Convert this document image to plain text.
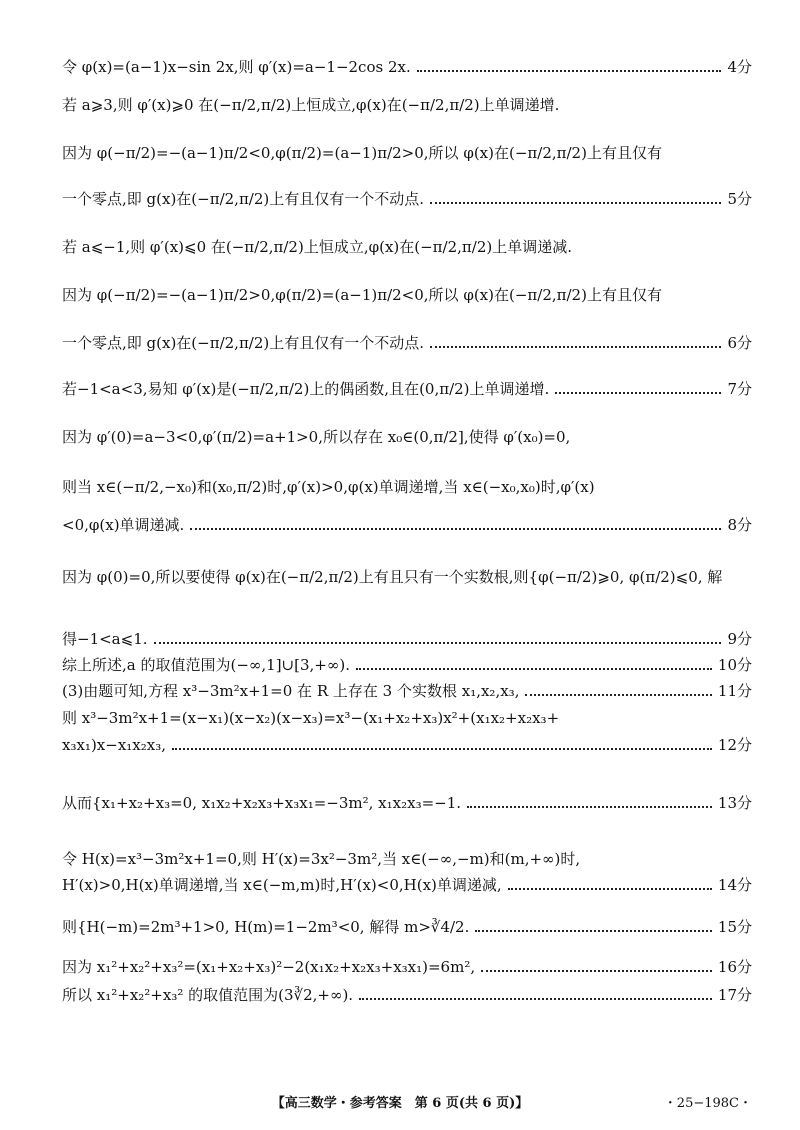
令 φ(x)=(a−1)x−sin 2x,则 φ′(x)=a−1−2cos 2x.	4分
若 a⩾3,则 φ′(x)⩾0 在(−π/2,π/2)上恒成立,φ(x)在(−π/2,π/2)上单调递增.
因为 φ(−π/2)=−(a−1)π/2<0,φ(π/2)=(a−1)π/2>0,所以 φ(x)在(−π/2,π/2)上有且仅有
一个零点,即 g(x)在(−π/2,π/2)上有且仅有一个不动点.	5分
若 a⩽−1,则 φ′(x)⩽0 在(−π/2,π/2)上恒成立,φ(x)在(−π/2,π/2)上单调递减.
因为 φ(−π/2)=−(a−1)π/2>0,φ(π/2)=(a−1)π/2<0,所以 φ(x)在(−π/2,π/2)上有且仅有
一个零点,即 g(x)在(−π/2,π/2)上有且仅有一个不动点.	6分
若−1<a<3,易知 φ′(x)是(−π/2,π/2)上的偶函数,且在(0,π/2)上单调递增.	7分
因为 φ′(0)=a−3<0,φ′(π/2)=a+1>0,所以存在 x₀∈(0,π/2],使得 φ′(x₀)=0,
则当 x∈(−π/2,−x₀)和(x₀,π/2)时,φ′(x)>0,φ(x)单调递增,当 x∈(−x₀,x₀)时,φ′(x)
<0,φ(x)单调递减.	8分
因为 φ(0)=0,所以要使得 φ(x)在(−π/2,π/2)上有且只有一个实数根,则{φ(−π/2)⩾0, φ(π/2)⩽0, 解
得−1<a⩽1.	9分
综上所述,a 的取值范围为(−∞,1]∪[3,+∞).	10分
(3)由题可知,方程 x³−3m²x+1=0 在 R 上存在 3 个实数根 x₁,x₂,x₃,	11分
则 x³−3m²x+1=(x−x₁)(x−x₂)(x−x₃)=x³−(x₁+x₂+x₃)x²+(x₁x₂+x₂x₃+
x₃x₁)x−x₁x₂x₃,	12分
从而{x₁+x₂+x₃=0, x₁x₂+x₂x₃+x₃x₁=−3m², x₁x₂x₃=−1.	13分
令 H(x)=x³−3m²x+1=0,则 H′(x)=3x²−3m²,当 x∈(−∞,−m)和(m,+∞)时,
H′(x)>0,H(x)单调递增,当 x∈(−m,m)时,H′(x)<0,H(x)单调递减,	14分
则{H(−m)=2m³+1>0, H(m)=1−2m³<0, 解得 m>∛4/2.	15分
因为 x₁²+x₂²+x₃²=(x₁+x₂+x₃)²−2(x₁x₂+x₂x₃+x₃x₁)=6m²,	16分
所以 x₁²+x₂²+x₃² 的取值范围为(3∛2,+∞).	17分
【高三数学・参考答案　第 6 页(共 6 页)】	・25−198C・
